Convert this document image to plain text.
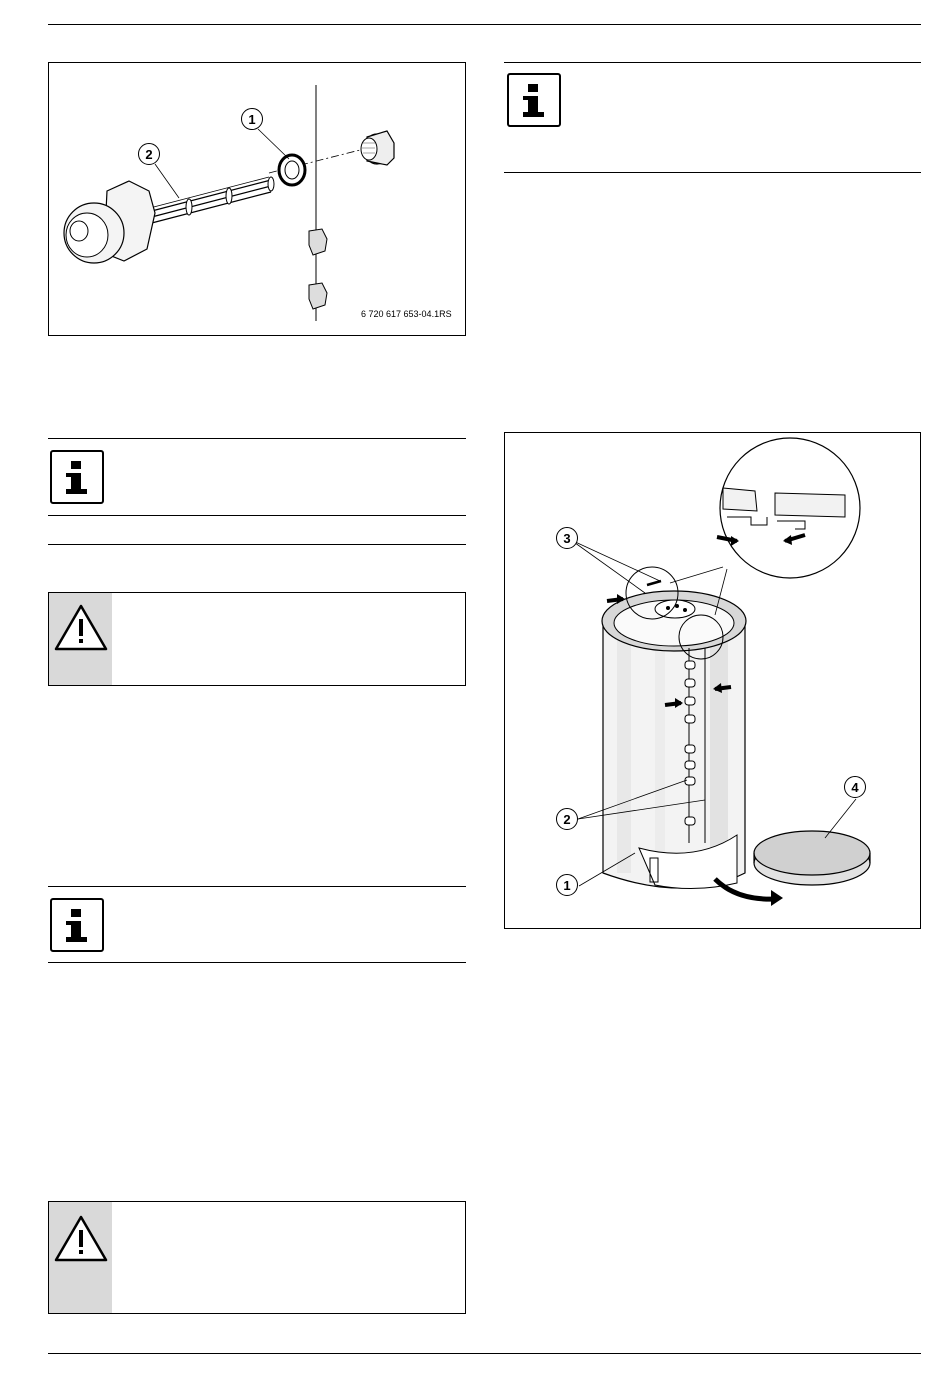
1
2
6 720 617 653-04.1RS
3
2
1
4
